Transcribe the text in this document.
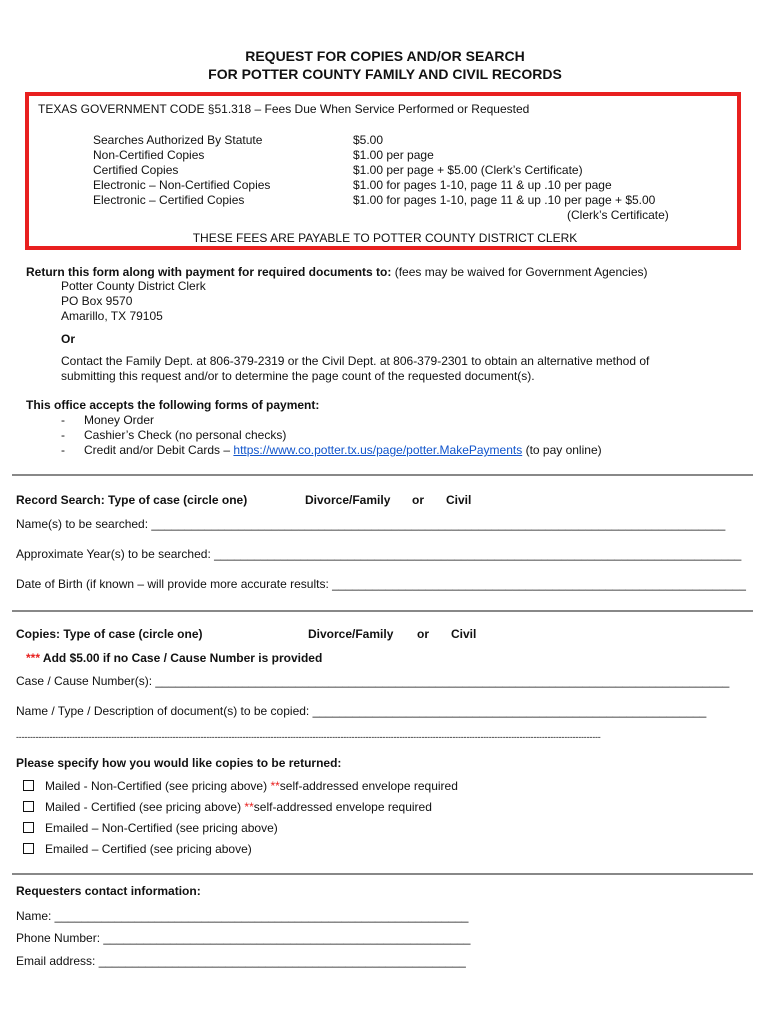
REQUEST FOR COPIES AND/OR SEARCH
FOR POTTER COUNTY FAMILY AND CIVIL RECORDS
TEXAS GOVERNMENT CODE §51.318 – Fees Due When Service Performed or Requested
Searches Authorized By Statute	$5.00
Non-Certified Copies	$1.00 per page
Certified Copies	$1.00 per page + $5.00 (Clerk’s Certificate)
Electronic – Non-Certified Copies	$1.00 for pages 1-10, page 11 & up .10 per page
Electronic – Certified Copies	$1.00 for pages 1-10, page 11 & up .10 per page + $5.00
(Clerk’s Certificate)
THESE FEES ARE PAYABLE TO POTTER COUNTY DISTRICT CLERK
Return this form along with payment for required documents to: (fees may be waived for Government Agencies)
Potter County District Clerk
PO Box 9570
Amarillo, TX 79105
Or
Contact the Family Dept. at 806-379-2319 or the Civil Dept. at 806-379-2301 to obtain an alternative method of
submitting this request and/or to determine the page count of the requested document(s).
This office accepts the following forms of payment:
- Money Order
- Cashier’s Check (no personal checks)
- Credit and/or Debit Cards – https://www.co.potter.tx.us/page/potter.MakePayments (to pay online)
Record Search: Type of case (circle one)	Divorce/Family or Civil
Name(s) to be searched: ______________________________________________________________________________________
Approximate Year(s) to be searched: _______________________________________________________________________________
Date of Birth (if known – will provide more accurate results: ______________________________________________________________
Copies: Type of case (circle one)	Divorce/Family or Civil
*** Add $5.00 if no Case / Cause Number is provided
Case / Cause Number(s): ______________________________________________________________________________________
Name / Type / Description of document(s) to be copied: ___________________________________________________________
-----------------------------------------------------------------------------------------------------------------------------------------------------------------------------------------------------------------
Please specify how you would like copies to be returned:
Mailed - Non-Certified (see pricing above) **self-addressed envelope required
Mailed - Certified (see pricing above) **self-addressed envelope required
Emailed – Non-Certified (see pricing above)
Emailed – Certified (see pricing above)
Requesters contact information:
Name: ______________________________________________________________
Phone Number: _______________________________________________________
Email address: _______________________________________________________
